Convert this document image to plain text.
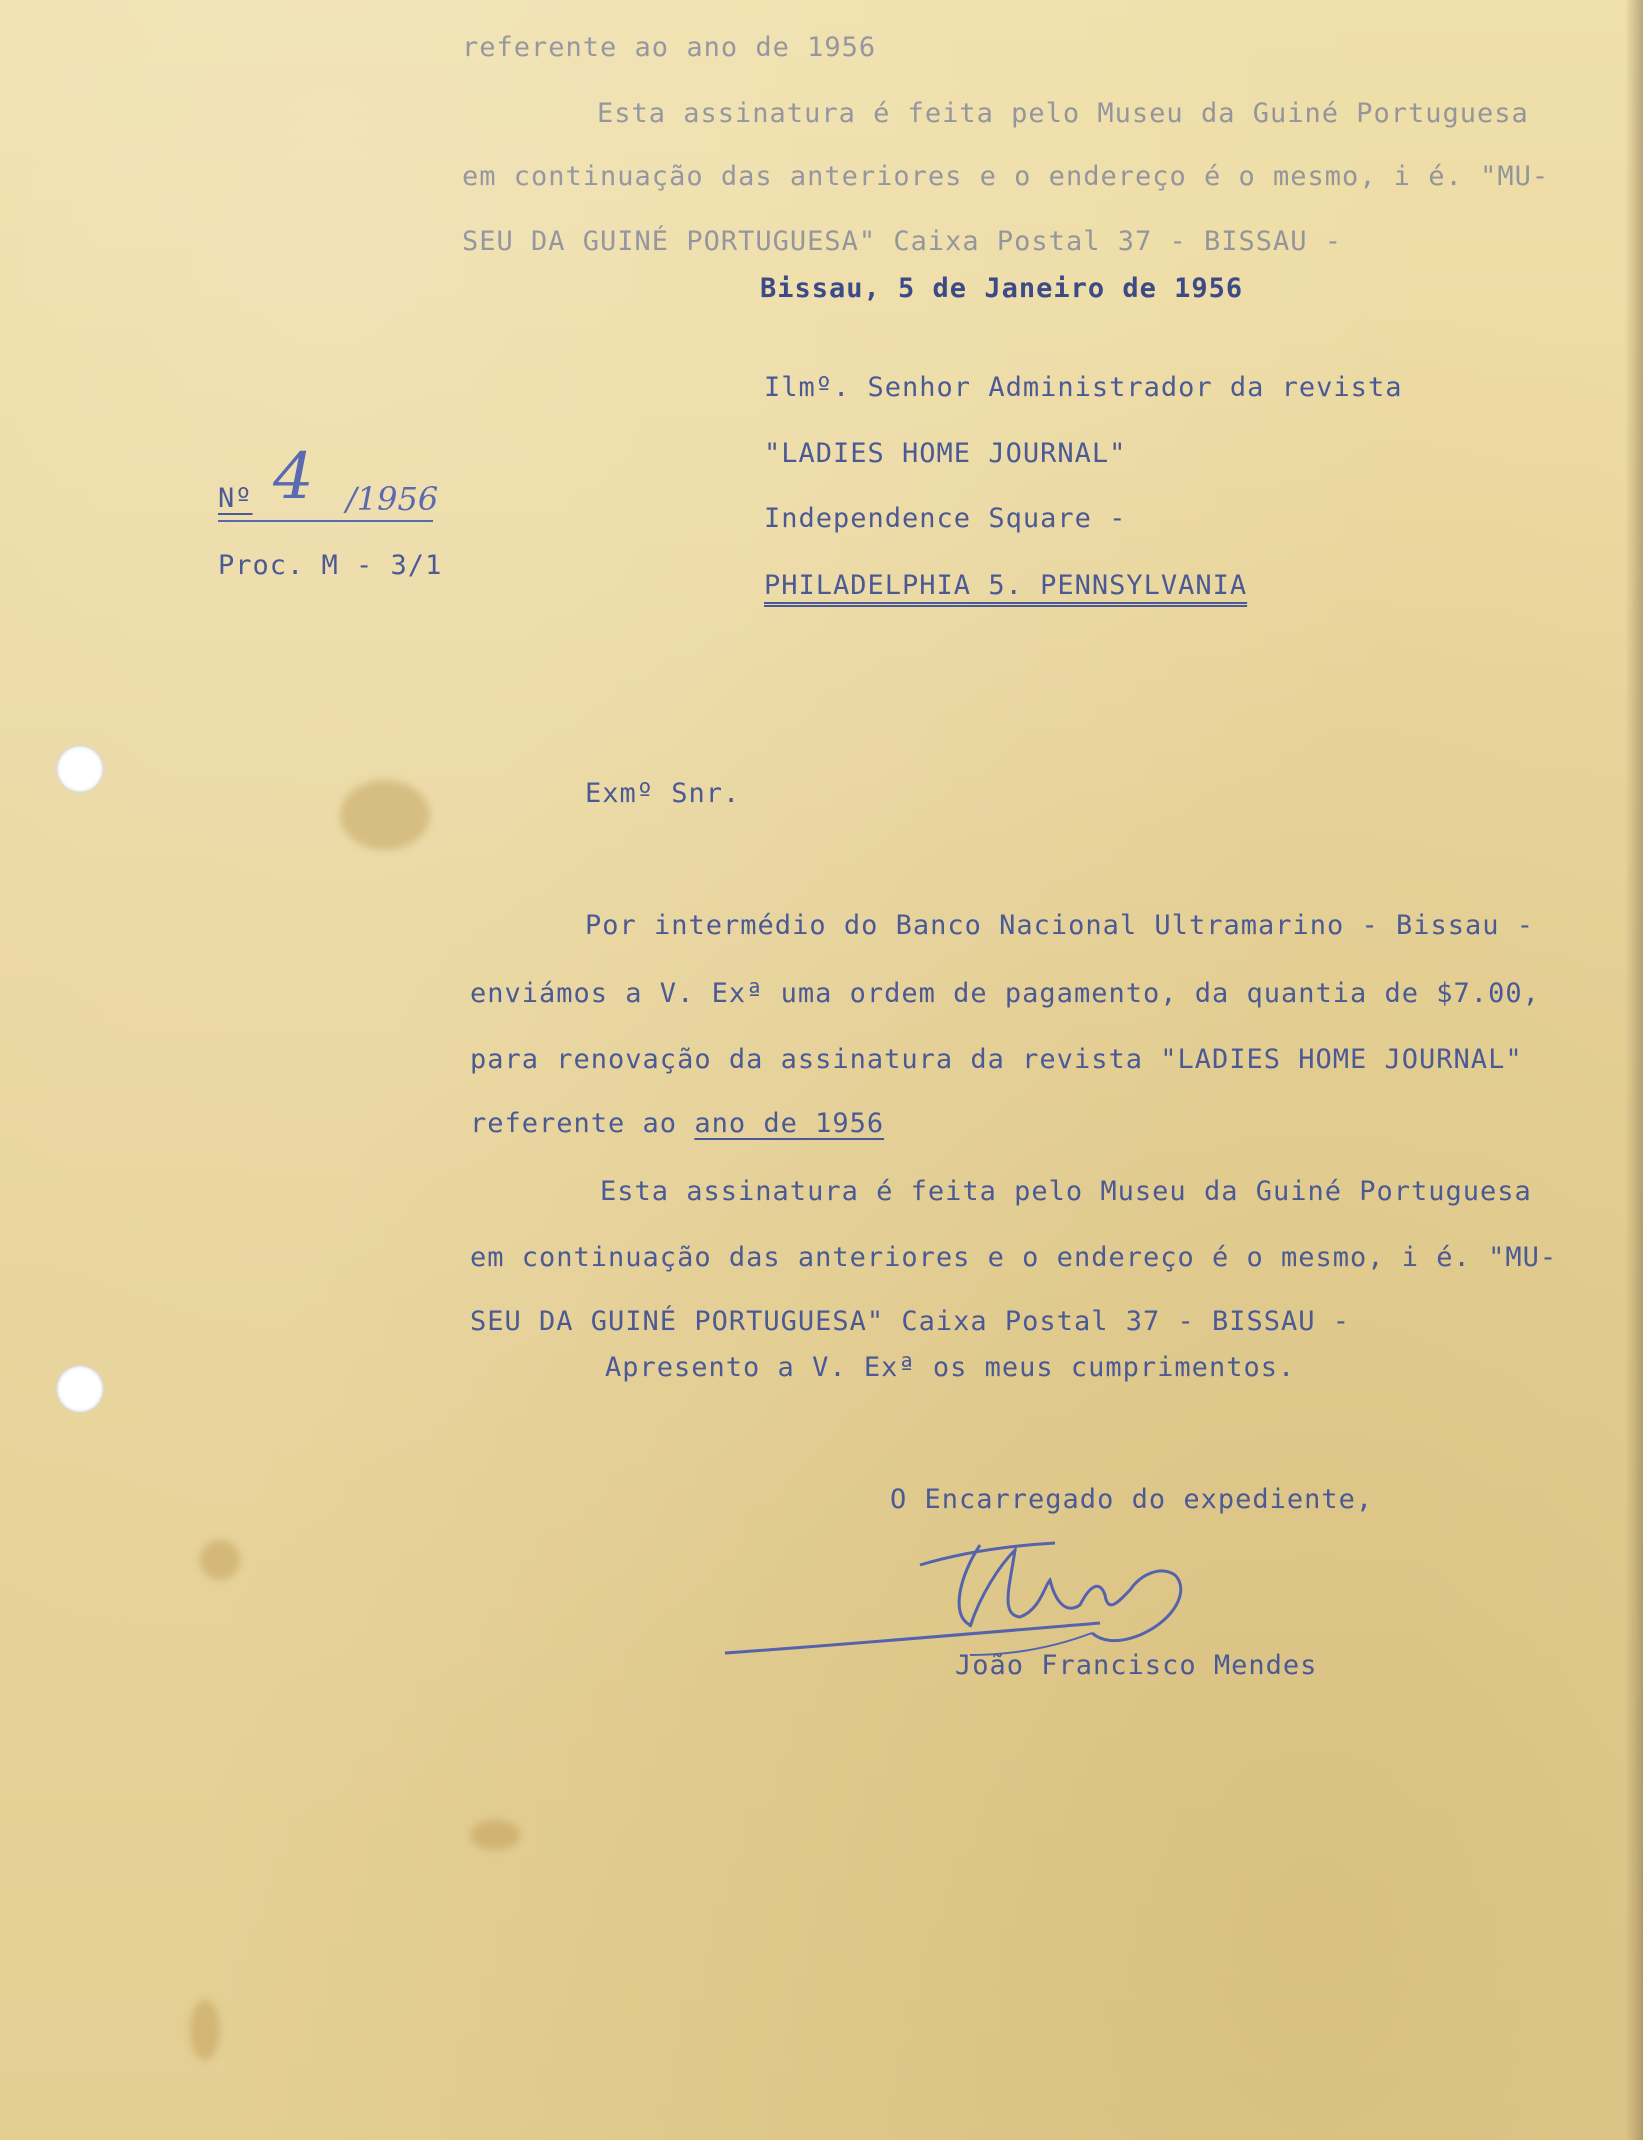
referente ao ano de 1956
Esta assinatura é feita pelo Museu da Guiné Portuguesa
em continuação das anteriores e o endereço é o mesmo, i é. "MU-
SEU DA GUINÉ PORTUGUESA" Caixa Postal 37 - BISSAU -
Bissau, 5 de Janeiro de 1956
Ilmº. Senhor Administrador da revista
"LADIES HOME JOURNAL"
Independence Square -
PHILADELPHIA 5. PENNSYLVANIA
Nº 4 /1956
Proc. M - 3/1
Exmº Snr.
Por intermédio do Banco Nacional Ultramarino - Bissau -
enviámos a V. Exª uma ordem de pagamento, da quantia de $7.00,
para renovação da assinatura da revista "LADIES HOME JOURNAL"
referente ao ano de 1956
Esta assinatura é feita pelo Museu da Guiné Portuguesa
em continuação das anteriores e o endereço é o mesmo, i é. "MU-
SEU DA GUINÉ PORTUGUESA" Caixa Postal 37 - BISSAU -
Apresento a V. Exª os meus cumprimentos.
O Encarregado do expediente,
João Francisco Mendes
